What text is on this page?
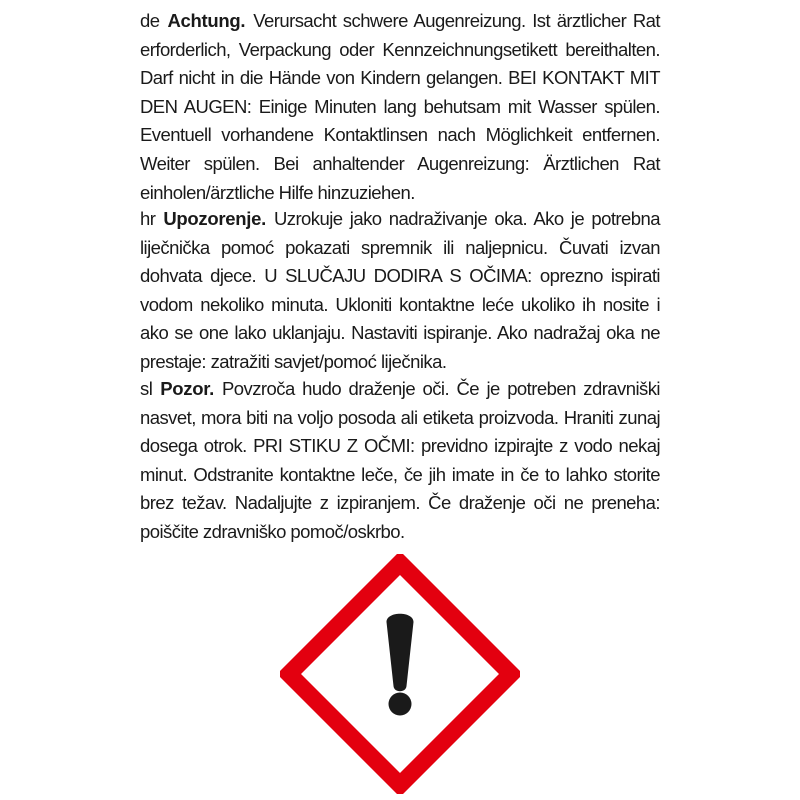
de Achtung. Verursacht schwere Augenreizung. Ist ärztlicher Rat erforderlich, Verpackung oder Kennzeichnungsetikett bereithalten. Darf nicht in die Hände von Kindern gelangen. BEI KONTAKT MIT DEN AUGEN: Einige Minuten lang behutsam mit Wasser spülen. Eventuell vorhandene Kontaktlinsen nach Möglichkeit entfernen. Weiter spülen. Bei anhaltender Augenreizung: Ärztlichen Rat einholen/ärztliche Hilfe hinzuziehen.
hr Upozorenje. Uzrokuje jako nadraživanje oka. Ako je potrebna liječnička pomoć pokazati spremnik ili naljepnicu. Čuvati izvan dohvata djece. U SLUČAJU DODIRA S OČIMA: oprezno ispirati vodom nekoliko minuta. Ukloniti kontaktne leće ukoliko ih nosite i ako se one lako uklanjaju. Nastaviti ispiranje. Ako nadražaj oka ne prestaje: zatražiti savjet/pomoć liječnika.
sl Pozor. Povzroča hudo draženje oči. Če je potreben zdravniški nasvet, mora biti na voljo posoda ali etiketa proizvoda. Hraniti zunaj dosega otrok. PRI STIKU Z OČMI: previdno izpirajte z vodo nekaj minut. Odstranite kontaktne leče, če jih imate in če to lahko storite brez težav. Nadaljujte z izpiranjem. Če draženje oči ne preneha: poiščite zdravniško pomoč/oskrbo.
